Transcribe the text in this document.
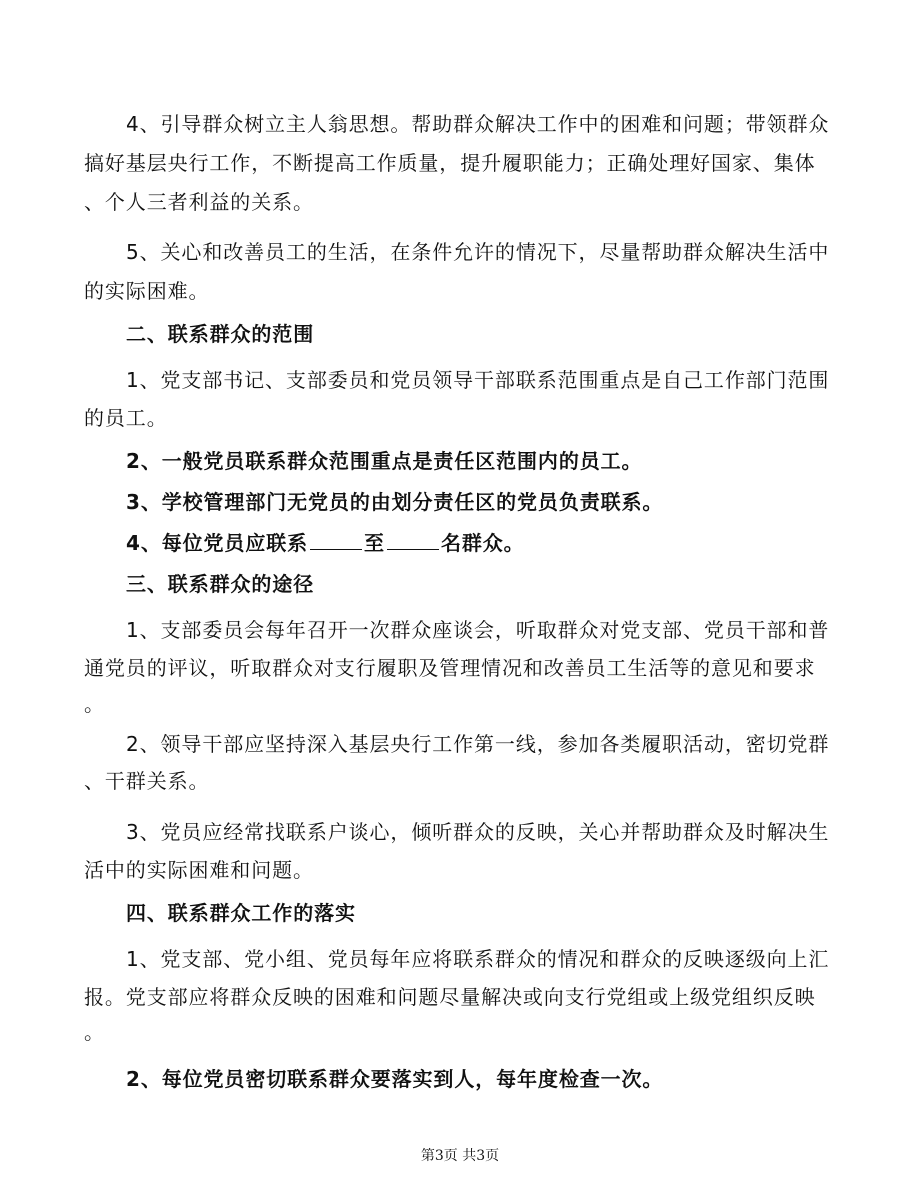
4、引导群众树立主人翁思想。帮助群众解决工作中的困难和问题；带领群众
搞好基层央行工作，不断提高工作质量，提升履职能力；正确处理好国家、集体
、个人三者利益的关系。
5、关心和改善员工的生活，在条件允许的情况下，尽量帮助群众解决生活中
的实际困难。
二、联系群众的范围
1、党支部书记、支部委员和党员领导干部联系范围重点是自己工作部门范围
的员工。
2、一般党员联系群众范围重点是责任区范围内的员工。
3、学校管理部门无党员的由划分责任区的党员负责联系。
4、每位党员应联系	至	名群众。
三、联系群众的途径
1、支部委员会每年召开一次群众座谈会，听取群众对党支部、党员干部和普
通党员的评议，听取群众对支行履职及管理情况和改善员工生活等的意见和要求
。
2、领导干部应坚持深入基层央行工作第一线，参加各类履职活动，密切党群
、干群关系。
3、党员应经常找联系户谈心，倾听群众的反映，关心并帮助群众及时解决生
活中的实际困难和问题。
四、联系群众工作的落实
1、党支部、党小组、党员每年应将联系群众的情况和群众的反映逐级向上汇
报。党支部应将群众反映的困难和问题尽量解决或向支行党组或上级党组织反映
。
2、每位党员密切联系群众要落实到人，每年度检查一次。
第3页 共3页
